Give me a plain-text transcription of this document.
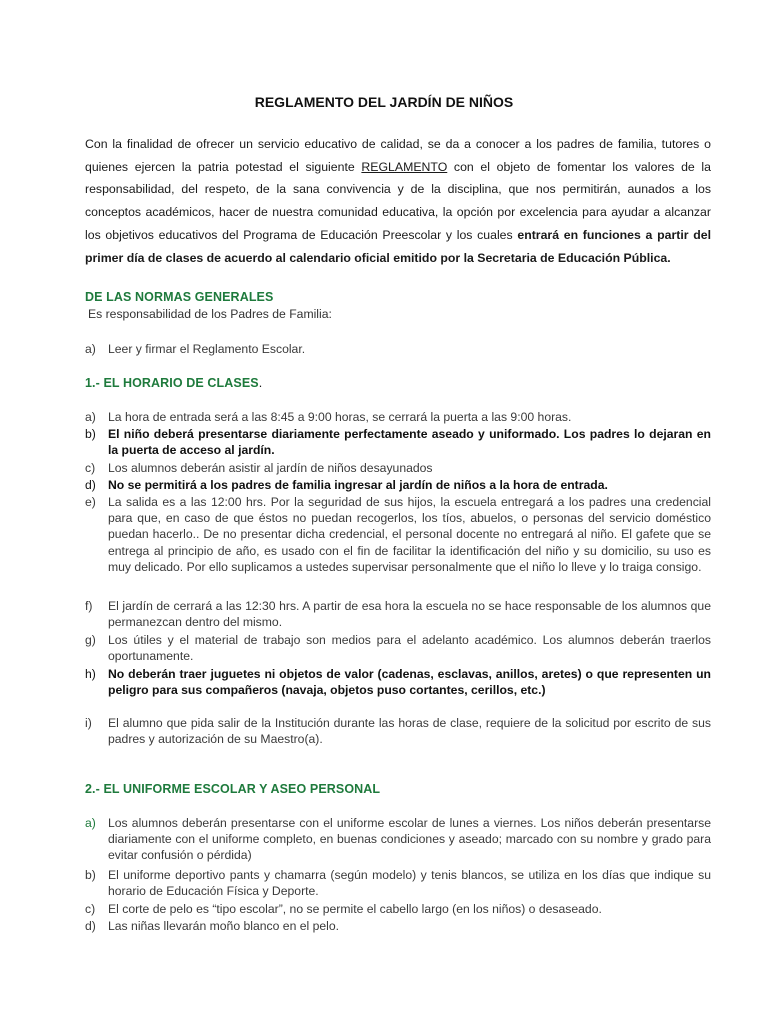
REGLAMENTO DEL JARDÍN DE NIÑOS
Con la finalidad de ofrecer un servicio educativo de calidad, se da a conocer a los padres de familia, tutores o quienes ejercen la patria potestad el siguiente REGLAMENTO con el objeto de fomentar los valores de la responsabilidad, del respeto, de la sana convivencia y de la disciplina, que nos permitirán, aunados a los conceptos académicos, hacer de nuestra comunidad educativa, la opción por excelencia para ayudar a alcanzar los objetivos educativos del Programa de Educación Preescolar y los cuales entrará en funciones a partir del primer día de clases de acuerdo al calendario oficial emitido por la Secretaria de Educación Pública.
DE LAS NORMAS GENERALES
Es responsabilidad de los Padres de Familia:
a) Leer y firmar el Reglamento Escolar.
1.- EL HORARIO DE CLASES.
a) La hora de entrada será a las 8:45 a 9:00 horas, se cerrará la puerta a las 9:00 horas.
b) El niño deberá presentarse diariamente perfectamente aseado y uniformado. Los padres lo dejaran en la puerta de acceso al jardín.
c)	Los alumnos deberán asistir al jardín de niños desayunados
d) No se permitirá a los padres de familia ingresar al jardín de niños a la hora de entrada.
e) La salida es a las 12:00 hrs. Por la seguridad de sus hijos, la escuela entregará a los padres una credencial para que, en caso de que éstos no puedan recogerlos, los tíos, abuelos, o personas del servicio doméstico puedan hacerlo.. De no presentar dicha credencial, el personal docente no entregará al niño. El gafete que se entrega al principio de año, es usado con el fin de facilitar la identificación del niño y su domicilio, su uso es muy delicado. Por ello suplicamos a ustedes supervisar personalmente que el niño lo lleve y lo traiga consigo.
f)	El jardín de cerrará a las 12:30 hrs. A partir de esa hora la escuela no se hace responsable de los alumnos que permanezcan dentro del mismo.
g) Los útiles y el material de trabajo son medios para el adelanto académico. Los alumnos deberán traerlos oportunamente.
h) No deberán traer juguetes ni objetos de valor (cadenas, esclavas, anillos, aretes) o que representen un peligro para sus compañeros (navaja, objetos puso cortantes, cerillos, etc.)
i)	El alumno que pida salir de la Institución durante las horas de clase, requiere de la solicitud por escrito de sus padres y autorización de su Maestro(a).
2.- EL UNIFORME ESCOLAR Y ASEO PERSONAL
a) Los alumnos deberán presentarse con el uniforme escolar de lunes a viernes. Los niños deberán presentarse diariamente con el uniforme completo, en buenas condiciones y aseado; marcado con su nombre y grado para evitar confusión o pérdida)
b) El uniforme deportivo pants y chamarra (según modelo) y tenis blancos, se utiliza en los días que indique su horario de Educación Física y Deporte.
c)	El corte de pelo es “tipo escolar”, no se permite el cabello largo (en los niños) o desaseado.
d) Las niñas llevarán moño blanco en el pelo.
